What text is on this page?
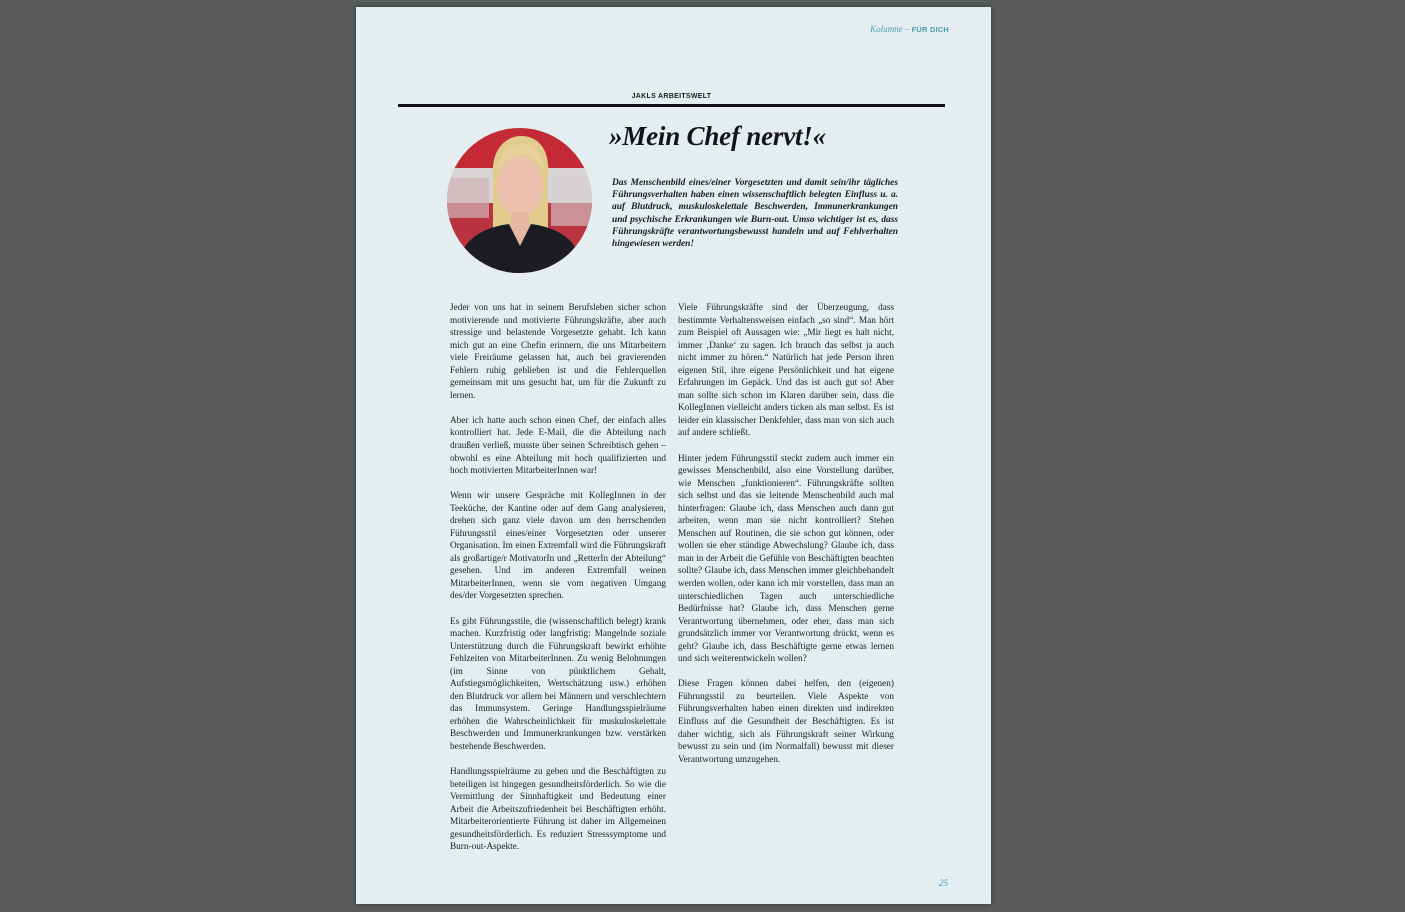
Kolumne – FÜR DICH
JAKLS ARBEITSWELT
»Mein Chef nervt!«

Das Menschenbild eines/einer Vorgesetzten und damit sein/ihr tägliches Führungsverhalten haben einen wissenschaftlich belegten Einfluss u. a. auf Blutdruck, muskuloskelettale Beschwerden, Immunerkrankungen und psychische Erkrankungen wie Burn-out. Umso wichtiger ist es, dass Führungskräfte verantwortungsbewusst handeln und auf Fehlverhalten hingewiesen werden!

Jeder von uns hat in seinem Berufsleben sicher schon motivierende und motivierte Führungskräfte, aber auch stressige und belastende Vorgesetzte gehabt. Ich kann mich gut an eine Chefin erinnern, die uns Mitarbeitern viele Freiräume gelassen hat, auch bei gravierenden Fehlern ruhig geblieben ist und die Fehlerquellen gemeinsam mit uns gesucht hat, um für die Zukunft zu lernen.

Aber ich hatte auch schon einen Chef, der einfach alles kontrolliert hat. Jede E-Mail, die die Abteilung nach draußen verließ, musste über seinen Schreibtisch gehen – obwohl es eine Abteilung mit hoch qualifizierten und hoch motivierten MitarbeiterInnen war!

Wenn wir unsere Gespräche mit KollegInnen in der Teeküche, der Kantine oder auf dem Gang analysieren, drehen sich ganz viele davon um den herrschenden Führungsstil eines/einer Vorgesetzten oder unserer Organisation. Im einen Extremfall wird die Führungskraft als großartige/r MotivatorIn und „RetterIn der Abteilung“ gesehen. Und im anderen Extremfall weinen MitarbeiterInnen, wenn sie vom negativen Umgang des/der Vorgesetzten sprechen.

Es gibt Führungsstile, die (wissenschaftlich belegt) krank machen. Kurzfristig oder langfristig: Mangelnde soziale Unterstützung durch die Führungskraft bewirkt erhöhte Fehlzeiten von MitarbeiterInnen. Zu wenig Belohnungen (im Sinne von pünktlichem Gehalt, Aufstiegsmöglichkeiten, Wertschätzung usw.) erhöhen den Blutdruck vor allem bei Männern und verschlechtern das Immunsystem. Geringe Handlungsspielräume erhöhen die Wahrscheinlichkeit für muskuloskelettale Beschwerden und Immunerkrankungen bzw. verstärken bestehende Beschwerden.

Handlungsspielräume zu geben und die Beschäftigten zu beteiligen ist hingegen gesundheitsförderlich. So wie die Vermittlung der Sinnhaftigkeit und Bedeutung einer Arbeit die Arbeitszufriedenheit bei Beschäftigten erhöht. Mitarbeiterorientierte Führung ist daher im Allgemeinen gesundheitsförderlich. Es reduziert Stresssymptome und Burn-out-Aspekte.

Viele Führungskräfte sind der Überzeugung, dass bestimmte Verhaltensweisen einfach „so sind“. Man hört zum Beispiel oft Aussagen wie: „Mir liegt es halt nicht, immer ‚Danke‘ zu sagen. Ich brauch das selbst ja auch nicht immer zu hören.“ Natürlich hat jede Person ihren eigenen Stil, ihre eigene Persönlichkeit und hat eigene Erfahrungen im Gepäck. Und das ist auch gut so! Aber man sollte sich schon im Klaren darüber sein, dass die KollegInnen vielleicht anders ticken als man selbst. Es ist leider ein klassischer Denkfehler, dass man von sich auch auf andere schließt.

Hinter jedem Führungsstil steckt zudem auch immer ein gewisses Menschenbild, also eine Vorstellung darüber, wie Menschen „funktionieren“. Führungskräfte sollten sich selbst und das sie leitende Menschenbild auch mal hinterfragen: Glaube ich, dass Menschen auch dann gut arbeiten, wenn man sie nicht kontrolliert? Stehen Menschen auf Routinen, die sie schon gut können, oder wollen sie eher ständige Abwechslung? Glaube ich, dass man in der Arbeit die Gefühle von Beschäftigten beachten sollte? Glaube ich, dass Menschen immer gleichbehandelt werden wollen, oder kann ich mir vorstellen, dass man an unterschiedlichen Tagen auch unterschiedliche Bedürfnisse hat? Glaube ich, dass Menschen gerne Verantwortung übernehmen, oder eher, dass man sich grundsätzlich immer vor Verantwortung drückt, wenn es geht? Glaube ich, dass Beschäftigte gerne etwas lernen und sich weiterentwickeln wollen?

Diese Fragen können dabei helfen, den (eigenen) Führungsstil zu beurteilen. Viele Aspekte von Führungsverhalten haben einen direkten und indirekten Einfluss auf die Gesundheit der Beschäftigten. Es ist daher wichtig, sich als Führungskraft seiner Wirkung bewusst zu sein und (im Normalfall) bewusst mit dieser Verantwortung umzugehen.

25
